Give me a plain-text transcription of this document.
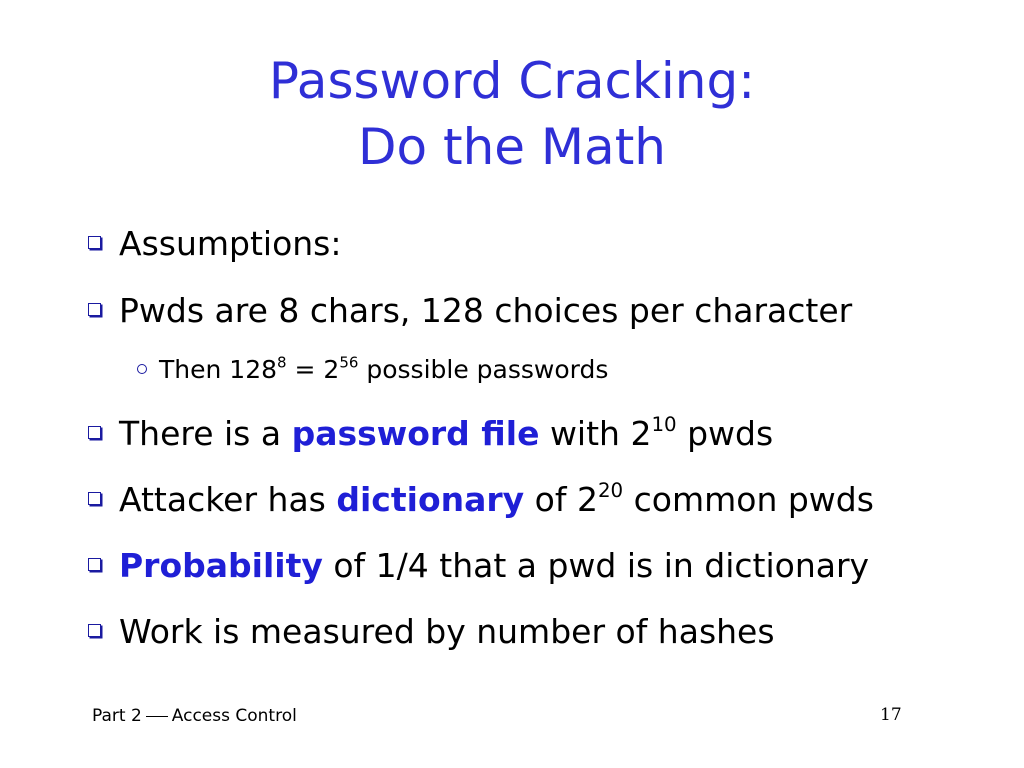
Password Cracking:
Do the Math
Assumptions:
Pwds are 8 chars, 128 choices per character
Then $128^8 = 2^{56}$ possible passwords
There is a password file with $2^{10}$ pwds
Attacker has dictionary of $2^{20}$ common pwds
Probability of 1/4 that a pwd is in dictionary
Work is measured by number of hashes
Part 2 Access Control	17
